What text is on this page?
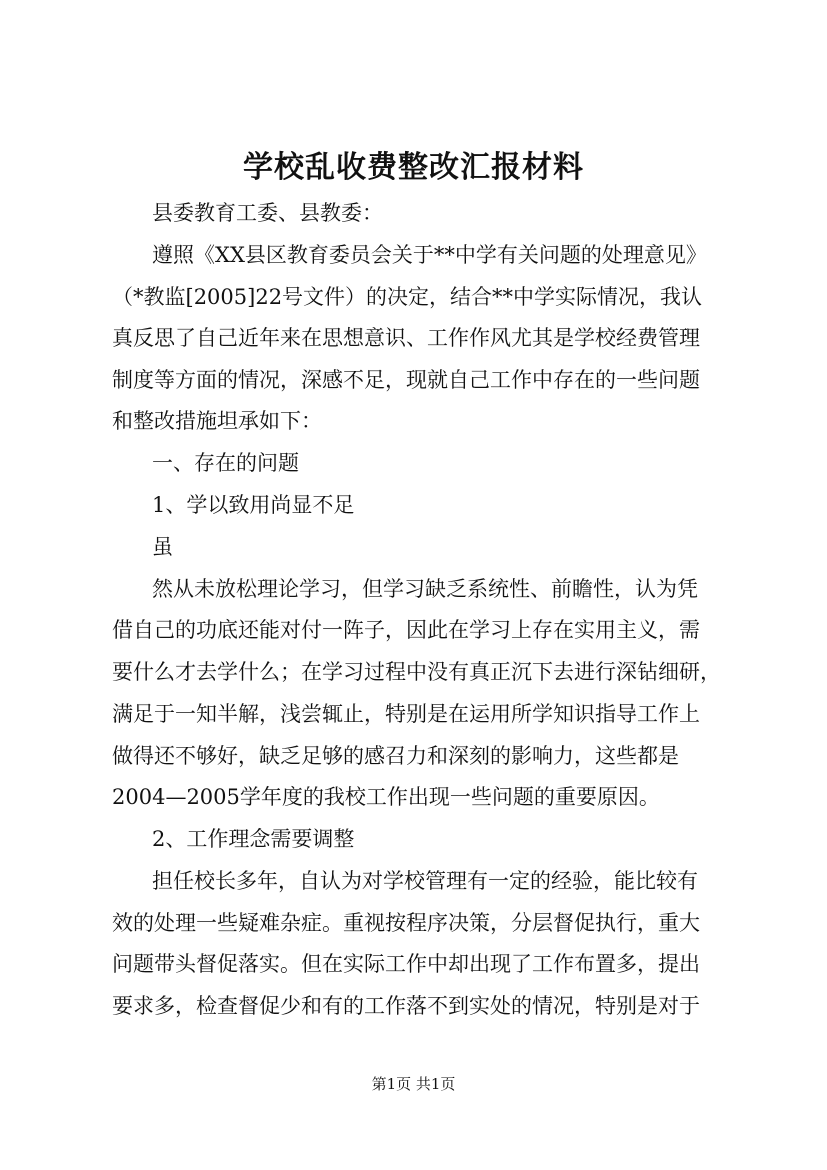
学校乱收费整改汇报材料
县委教育工委、县教委：
遵照《XX县区教育委员会关于**中学有关问题的处理意见》
（*教监[2005]22号文件）的决定，结合**中学实际情况，我认
真反思了自己近年来在思想意识、工作作风尤其是学校经费管理
制度等方面的情况，深感不足，现就自己工作中存在的一些问题
和整改措施坦承如下：
一、存在的问题
1、学以致用尚显不足
虽
然从未放松理论学习，但学习缺乏系统性、前瞻性，认为凭
借自己的功底还能对付一阵子，因此在学习上存在实用主义，需
要什么才去学什么；在学习过程中没有真正沉下去进行深钻细研，
满足于一知半解，浅尝辄止，特别是在运用所学知识指导工作上
做得还不够好，缺乏足够的感召力和深刻的影响力，这些都是
2004—2005学年度的我校工作出现一些问题的重要原因。
2、工作理念需要调整
担任校长多年，自认为对学校管理有一定的经验，能比较有
效的处理一些疑难杂症。重视按程序决策，分层督促执行，重大
问题带头督促落实。但在实际工作中却出现了工作布置多，提出
要求多，检查督促少和有的工作落不到实处的情况，特别是对于
第1页 共1页
